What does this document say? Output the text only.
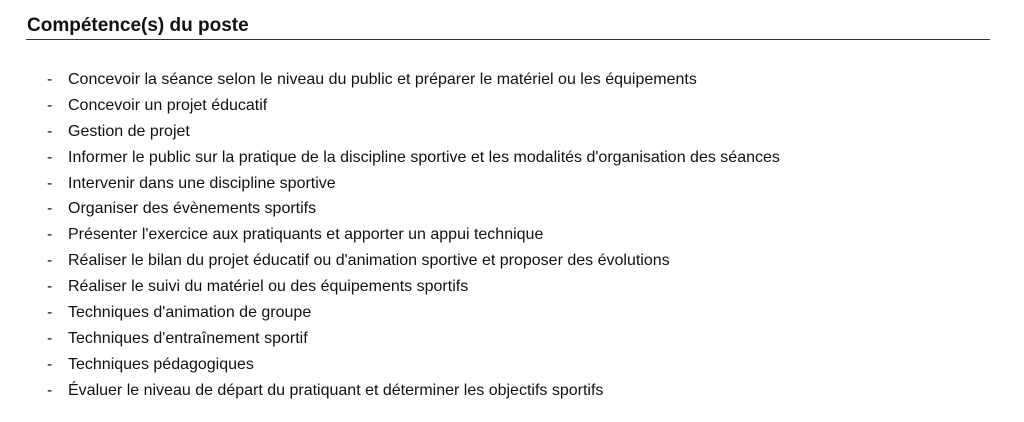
Compétence(s) du poste
- Concevoir la séance selon le niveau du public et préparer le matériel ou les équipements
- Concevoir un projet éducatif
- Gestion de projet
- Informer le public sur la pratique de la discipline sportive et les modalités d'organisation des séances
- Intervenir dans une discipline sportive
- Organiser des évènements sportifs
- Présenter l'exercice aux pratiquants et apporter un appui technique
- Réaliser le bilan du projet éducatif ou d'animation sportive et proposer des évolutions
- Réaliser le suivi du matériel ou des équipements sportifs
- Techniques d'animation de groupe
- Techniques d'entraînement sportif
- Techniques pédagogiques
- Évaluer le niveau de départ du pratiquant et déterminer les objectifs sportifs
